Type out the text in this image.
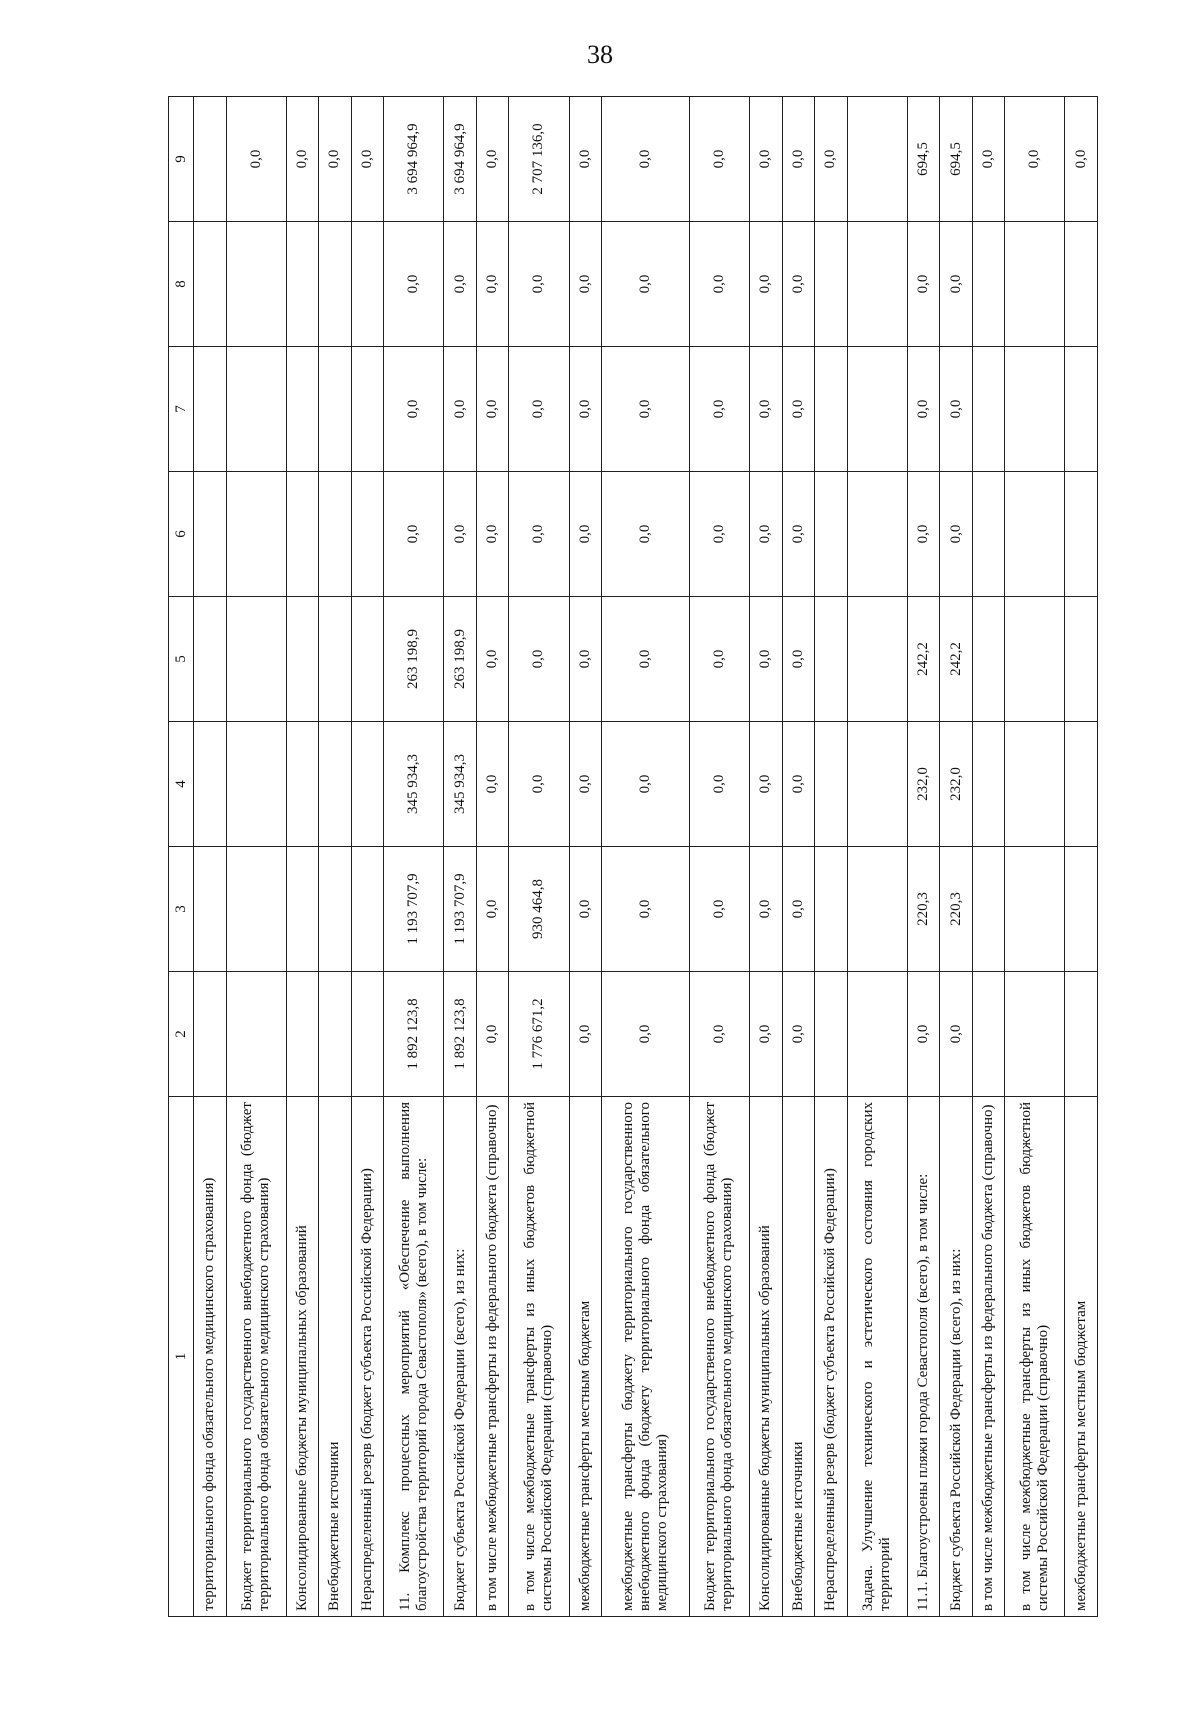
38
1	2	3	4	5	6	7	8	9
территориального фонда обязательного медицинского страхования)								
Бюджет территориального государственного внебюджетного фонда (бюджет территориального фонда обязательного медицинского страхования)								0,0
Консолидированные бюджеты муниципальных образований								0,0
Внебюджетные источники								0,0
Нераспределенный резерв (бюджет субъекта Российской Федерации)								0,0
11. Комплекс процессных мероприятий «Обеспечение выполнения благоустройства территорий города Севастополя» (всего), в том числе:	1 892 123,8	1 193 707,9	345 934,3	263 198,9	0,0	0,0	0,0	3 694 964,9
Бюджет субъекта Российской Федерации (всего), из них:	1 892 123,8	1 193 707,9	345 934,3	263 198,9	0,0	0,0	0,0	3 694 964,9
в том числе межбюджетные трансферты из федерального бюджета (справочно)	0,0	0,0	0,0	0,0	0,0	0,0	0,0	0,0
в том числе межбюджетные трансферты из иных бюджетов бюджетной системы Российской Федерации (справочно)	1 776 671,2	930 464,8	0,0	0,0	0,0	0,0	0,0	2 707 136,0
межбюджетные трансферты местным бюджетам	0,0	0,0	0,0	0,0	0,0	0,0	0,0	0,0
межбюджетные трансферты бюджету территориального государственного внебюджетного фонда (бюджету территориального фонда обязательного медицинского страхования)	0,0	0,0	0,0	0,0	0,0	0,0	0,0	0,0
Бюджет территориального государственного внебюджетного фонда (бюджет территориального фонда обязательного медицинского страхования)	0,0	0,0	0,0	0,0	0,0	0,0	0,0	0,0
Консолидированные бюджеты муниципальных образований	0,0	0,0	0,0	0,0	0,0	0,0	0,0	0,0
Внебюджетные источники	0,0	0,0	0,0	0,0	0,0	0,0	0,0	0,0
Нераспределенный резерв (бюджет субъекта Российской Федерации)								0,0
Задача. Улучшение технического и эстетического состояния городских территорий								
11.1. Благоустроены пляжи города Севастополя (всего), в том числе:	0,0	220,3	232,0	242,2	0,0	0,0	0,0	694,5
Бюджет субъекта Российской Федерации (всего), из них:	0,0	220,3	232,0	242,2	0,0	0,0	0,0	694,5
в том числе межбюджетные трансферты из федерального бюджета (справочно)								0,0
в том числе межбюджетные трансферты из иных бюджетов бюджетной системы Российской Федерации (справочно)								0,0
межбюджетные трансферты местным бюджетам								0,0
